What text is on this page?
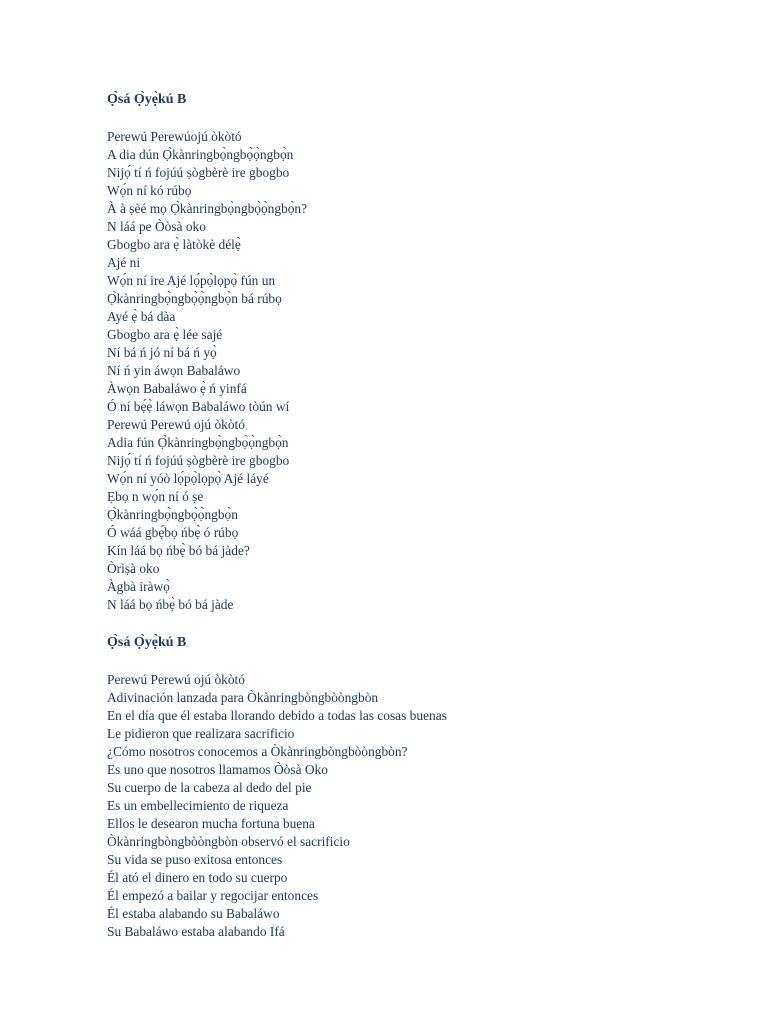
Ọ̀sá Ọ̀yẹ̀kú B
Perewú Perewúojú òkòtó
A dia dún Ọ̀kànringbọ̀ngbọ̀ọ̀ngbọ̀n
Nijọ́ tí ń fojúú ṣògbèrè ire gbogbo
Wọ́n ní kó rúbọ
À à ṣèé mọ Ọ̀kànringbọ̀ngbọ̀ọ̀ngbọ̀n?
N láá pe Òòsà oko
Gbogbo ara ẹ̀ làtòkè délẹ̀
Ajé ni
Wọ́n ní ire Ajé lọ́pọ̀lọpọ̀ fún un
Ọ̀kànringbọ̀ngbọ̀ọ̀ngbọ̀n bá rúbọ
Ayé ẹ̀ bá dàa
Gbogbo ara ẹ̀ lée sajé
Ní bá ń jó ní bá ń yọ̀
Ní ń yin áwọn Babaláwo
Àwọn Babaláwo ẹ̀ ń yinfá
Ó ní bẹ́ẹ̀ láwọn Babaláwo tòún wí
Perewú Perewú ojú òkòtó
Adia fún Ọ̀kànringbọ̀ngbọ̀ọ̀ngbọ̀n
Nijọ́ tí ń fojúú ṣògbèrè ire gbogbo
Wọ́n ní yóò lọ́pọ̀lọpọ̀ Ajé láyé
Ẹbọ n wọ́n ní ó ṣe
Ọ̀kànringbọ̀ngbọ̀ọ̀ngbọ̀n
Ó wáá gbẹ́bọ ńbẹ̀ ó rúbọ
Kín láá bọ ńbẹ̀ bó bá jàde?
Òrìṣà oko
Àgbà iràwọ̀
N láá bọ ńbẹ̀ bó bá jàde
Ọ̀sá Ọ̀yẹ̀kú B
Perewú Perewú ojú òkòtó
Adivinación lanzada para Òkànringbòngbòòngbòn
En el día que él estaba llorando debido a todas las cosas buenas
Le pidieron que realizara sacrificio
¿Cómo nosotros conocemos a Òkànringbòngbòòngbòn?
Es uno que nosotros llamamos Òòsà Oko
Su cuerpo de la cabeza al dedo del pie
Es un embellecimiento de riqueza
Ellos le desearon mucha fortuna buena
Òkànringbòngbòòngbòn observó el sacrificio
Su vida se puso exitosa entonces
Él ató el dinero en todo su cuerpo
Él empezó a bailar y regocijar entonces
Él estaba alabando su Babaláwo
Su Babaláwo estaba alabando Ifá
